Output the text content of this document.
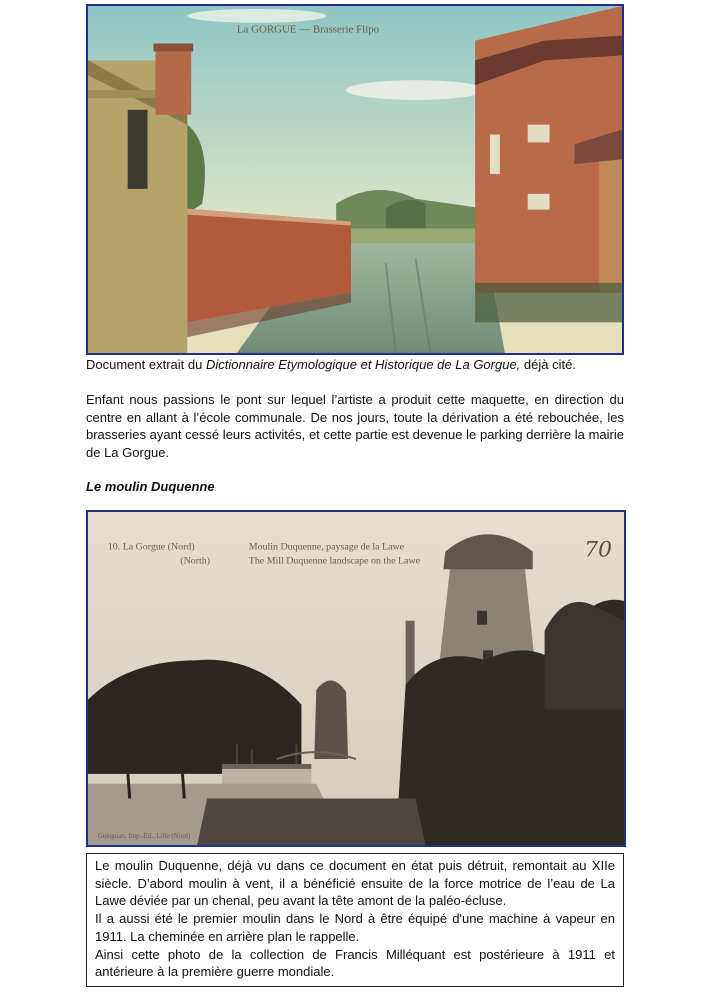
La GORGUE — Brasserie Flipo
Document extrait du Dictionnaire Etymologique et Historique de La Gorgue, déjà cité.
Enfant nous passions le pont sur lequel l’artiste a produit cette maquette, en direction du centre en allant à l’école communale. De nos jours, toute la dérivation a été rebouchée, les brasseries ayant cessé leurs activités, et cette partie est devenue le parking derrière la mairie de La Gorgue.
Le moulin Duquenne
10. La Gorgue (Nord)
(North)
Moulin Duquenne, paysage de la Lawe
The Mill Duquenne landscape on the Lawe	70
Guéquian, Imp.-Ed., Lille (Nord)

Le moulin Duquenne, déjà vu dans ce document en état puis détruit, remontait au XIIe siècle. D’abord moulin à vent, il a bénéficié ensuite de la force motrice de l’eau de La Lawe déviée par un chenal, peu avant la tête amont de la paléo-écluse.

Il a aussi été le premier moulin dans le Nord à être équipé d'une machine à vapeur en 1911. La cheminée en arrière plan le rappelle.

Ainsi cette photo de la collection de Francis Milléquant est postérieure à 1911 et antérieure à la première guerre mondiale.
